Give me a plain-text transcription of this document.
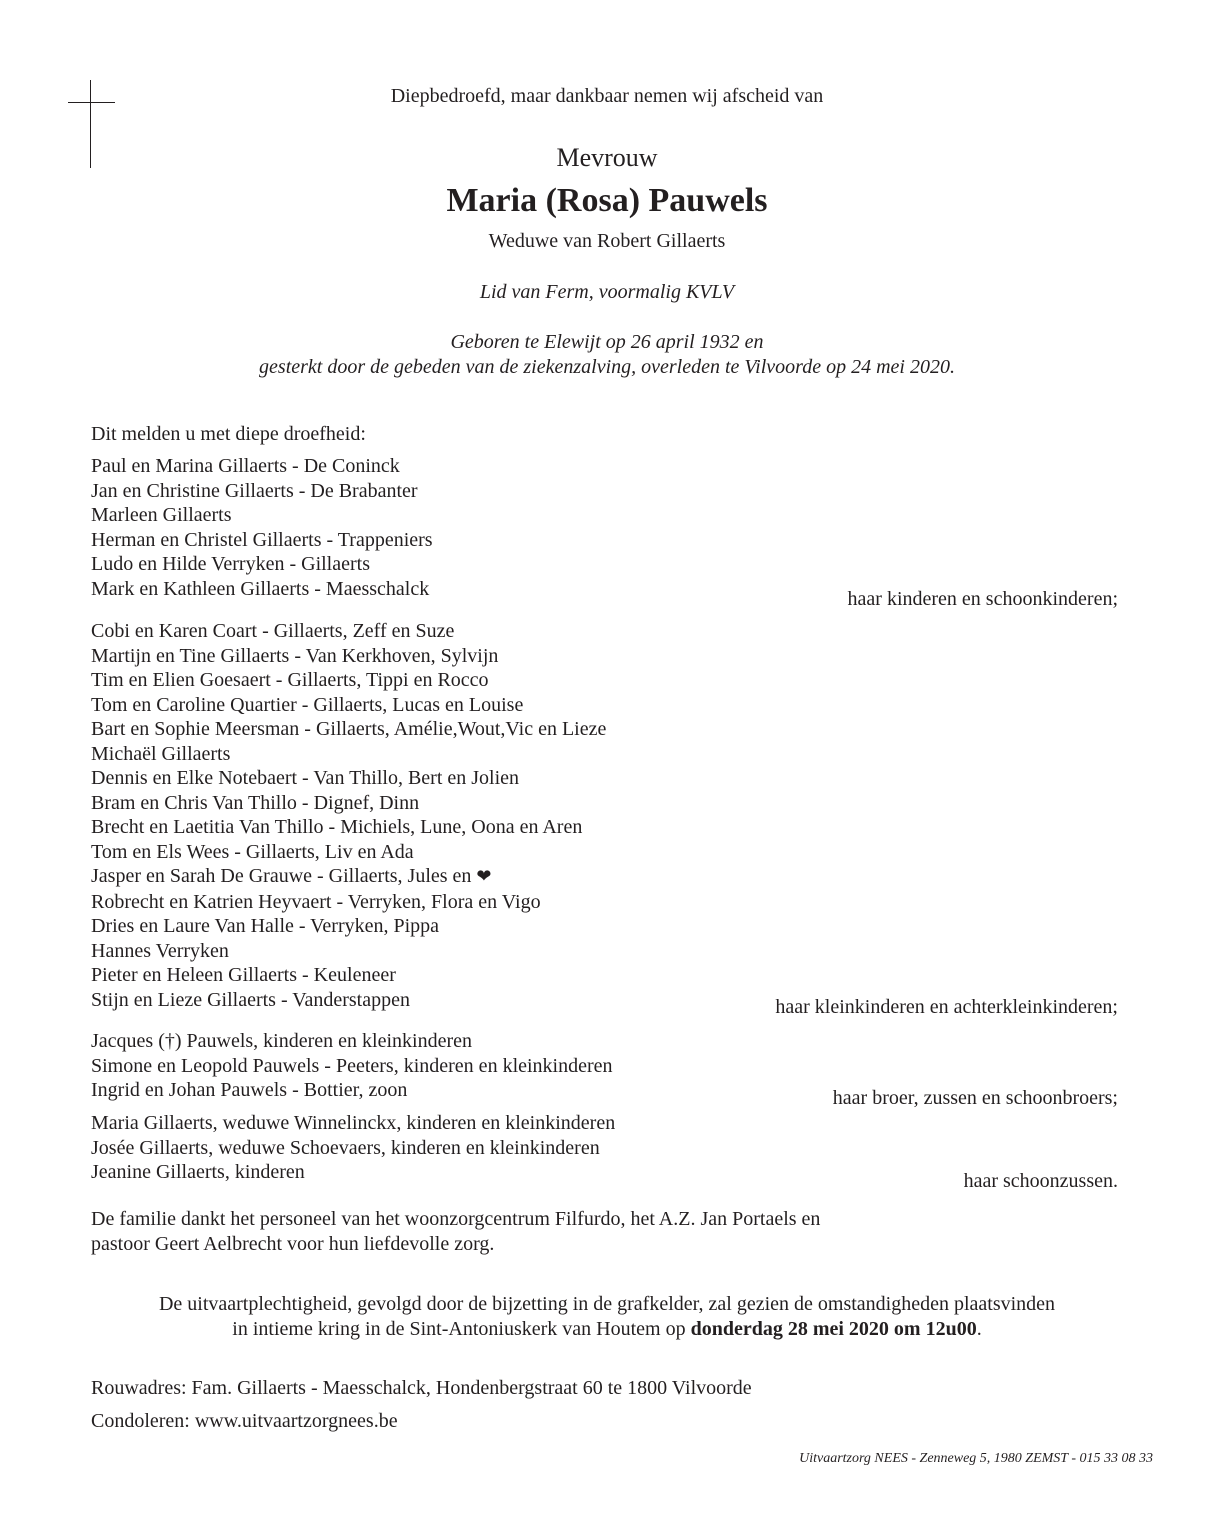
Diepbedroefd, maar dankbaar nemen wij afscheid van
Mevrouw
Maria (Rosa) Pauwels
Weduwe van Robert Gillaerts
Lid van Ferm, voormalig KVLV
Geboren te Elewijt op 26 april 1932 en
gesterkt door de gebeden van de ziekenzalving, overleden te Vilvoorde op 24 mei 2020.
Dit melden u met diepe droefheid:
Paul en Marina Gillaerts - De Coninck
Jan en Christine Gillaerts - De Brabanter
Marleen Gillaerts
Herman en Christel Gillaerts - Trappeniers
Ludo en Hilde Verryken - Gillaerts
Mark en Kathleen Gillaerts - Maesschalck	haar kinderen en schoonkinderen;
Cobi en Karen Coart - Gillaerts, Zeff en Suze
Martijn en Tine Gillaerts - Van Kerkhoven, Sylvijn
Tim en Elien Goesaert - Gillaerts, Tippi en Rocco
Tom en Caroline Quartier - Gillaerts, Lucas en Louise
Bart en Sophie Meersman - Gillaerts, Amélie,Wout,Vic en Lieze
Michaël Gillaerts
Dennis en Elke Notebaert - Van Thillo, Bert en Jolien
Bram en Chris Van Thillo - Dignef, Dinn
Brecht en Laetitia Van Thillo - Michiels, Lune, Oona en Aren
Tom en Els Wees - Gillaerts, Liv en Ada
Jasper en Sarah De Grauwe - Gillaerts, Jules en ❤
Robrecht en Katrien Heyvaert - Verryken, Flora en Vigo
Dries en Laure Van Halle - Verryken, Pippa
Hannes Verryken
Pieter en Heleen Gillaerts - Keuleneer
Stijn en Lieze Gillaerts - Vanderstappen	haar kleinkinderen en achterkleinkinderen;
Jacques (†) Pauwels, kinderen en kleinkinderen
Simone en Leopold Pauwels - Peeters, kinderen en kleinkinderen
Ingrid en Johan Pauwels - Bottier, zoon	haar broer, zussen en schoonbroers;
Maria Gillaerts, weduwe Winnelinckx, kinderen en kleinkinderen
Josée Gillaerts, weduwe Schoevaers, kinderen en kleinkinderen
Jeanine Gillaerts, kinderen	haar schoonzussen.
De familie dankt het personeel van het woonzorgcentrum Filfurdo, het A.Z. Jan Portaels en
pastoor Geert Aelbrecht voor hun liefdevolle zorg.
De uitvaartplechtigheid, gevolgd door de bijzetting in de grafkelder, zal gezien de omstandigheden plaatsvinden
in intieme kring in de Sint-Antoniuskerk van Houtem op donderdag 28 mei 2020 om 12u00.
Rouwadres: Fam. Gillaerts - Maesschalck, Hondenbergstraat 60 te 1800 Vilvoorde
Condoleren: www.uitvaartzorgnees.be
Uitvaartzorg NEES - Zenneweg 5, 1980 ZEMST - 015 33 08 33
